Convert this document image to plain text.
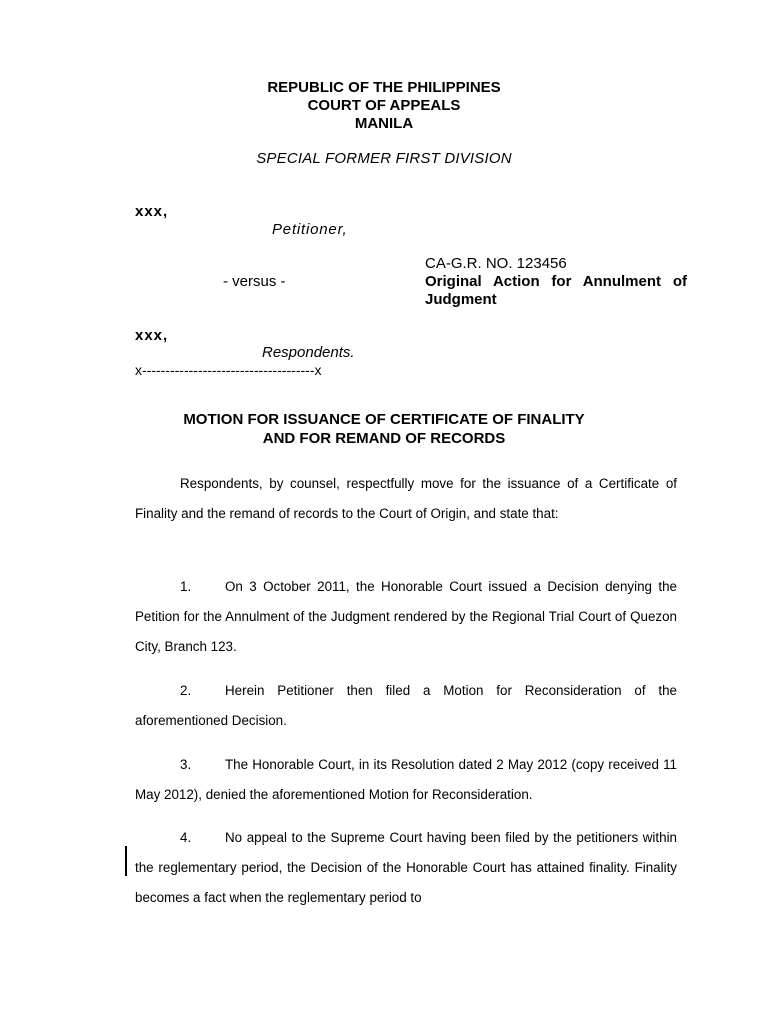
REPUBLIC OF THE PHILIPPINES

COURT OF APPEALS

MANILA

SPECIAL FORMER FIRST DIVISION

xxx,

Petitioner,

CA-G.R. NO. 123456

- versus -	Original Action for Annulment of Judgment

xxx,

Respondents.

x-------------------------------------x

MOTION FOR ISSUANCE OF CERTIFICATE OF FINALITY

AND FOR REMAND OF RECORDS

Respondents, by counsel, respectfully move for the issuance of a Certificate of Finality and the remand of records to the Court of Origin, and state that:

1.	On 3 October 2011, the Honorable Court issued a Decision denying the Petition for the Annulment of the Judgment rendered by the Regional Trial Court of Quezon City, Branch 123.

2.	Herein Petitioner then filed a Motion for Reconsideration of the aforementioned Decision.

3.	The Honorable Court, in its Resolution dated 2 May 2012 (copy received 11 May 2012), denied the aforementioned Motion for Reconsideration.

4.	No appeal to the Supreme Court having been filed by the petitioners within the reglementary period, the Decision of the Honorable Court has attained finality. Finality becomes a fact when the reglementary period to
